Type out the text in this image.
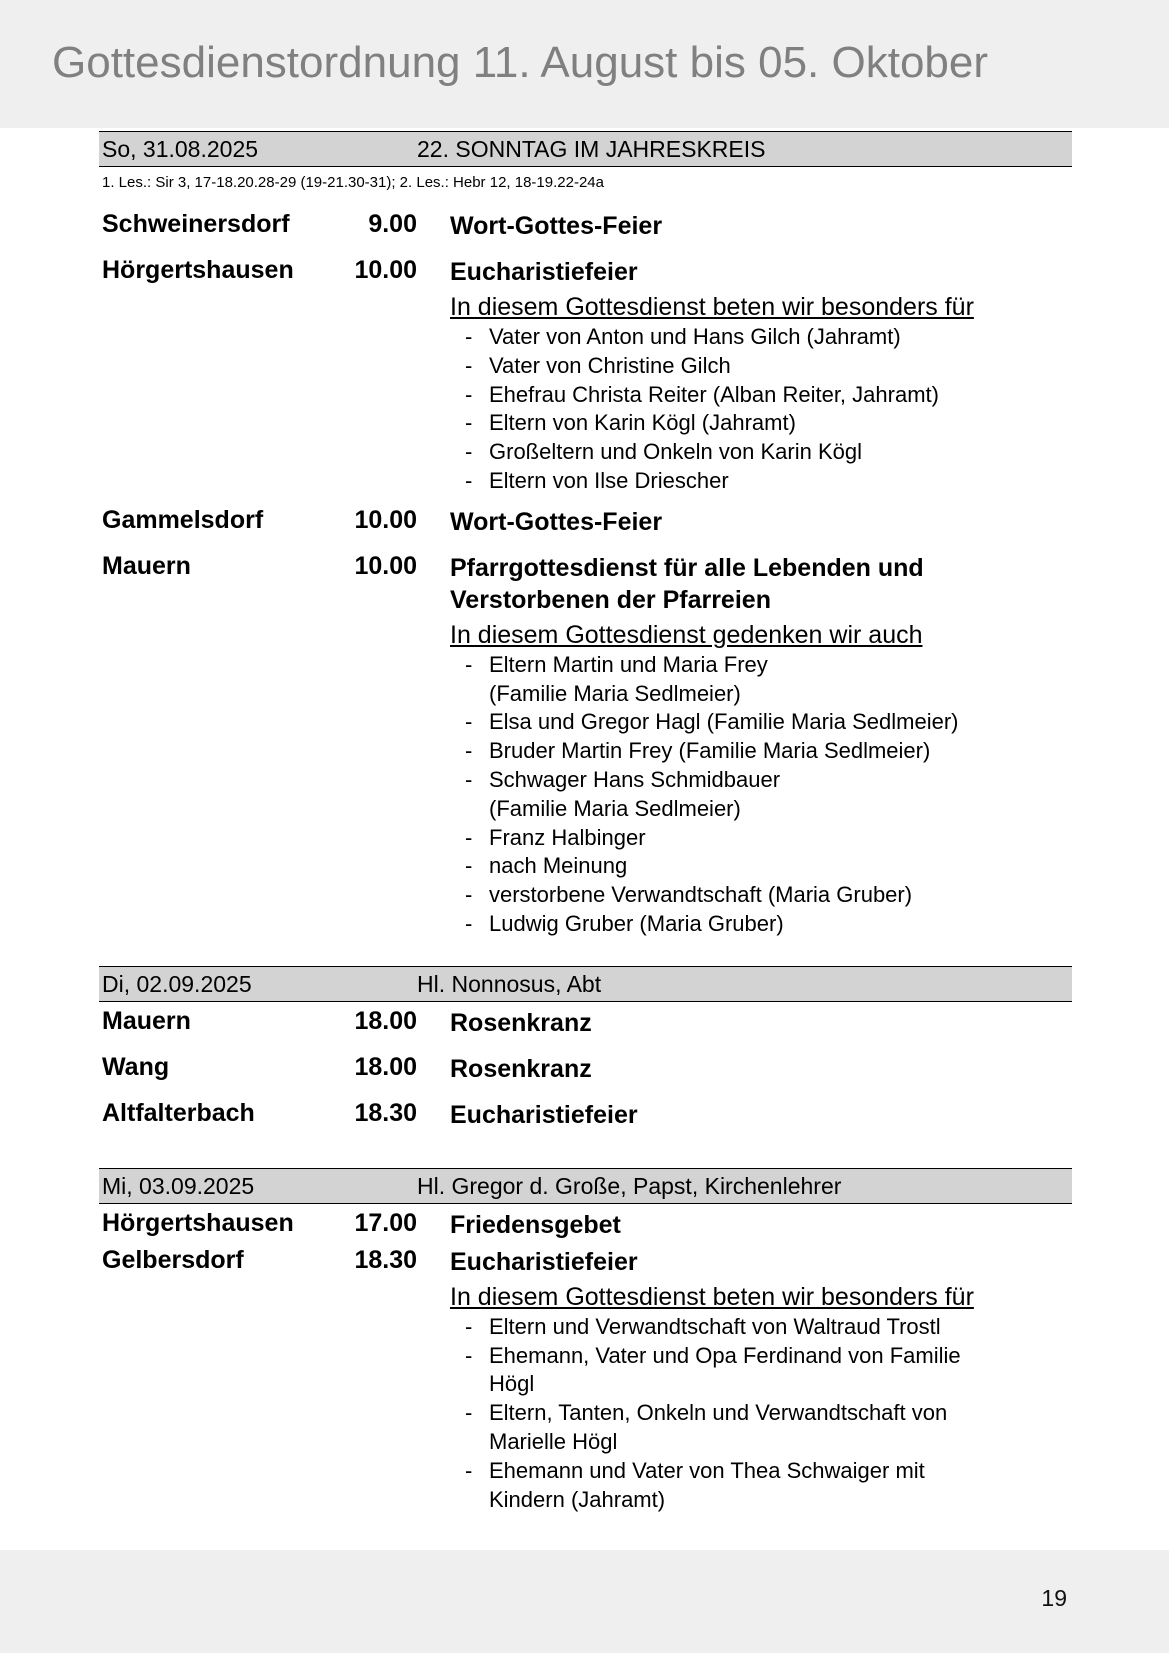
Gottesdienstordnung 11. August bis 05. Oktober
So, 31.08.2025	22. SONNTAG IM JAHRESKREIS
1. Les.: Sir 3, 17-18.20.28-29 (19-21.30-31); 2. Les.: Hebr 12, 18-19.22-24a
Schweinersdorf	9.00 Wort-Gottes-Feier
Hörgertshausen	10.00 Eucharistiefeier
In diesem Gottesdienst beten wir besonders für
- Vater von Anton und Hans Gilch (Jahramt)
- Vater von Christine Gilch
- Ehefrau Christa Reiter (Alban Reiter, Jahramt)
- Eltern von Karin Kögl (Jahramt)
- Großeltern und Onkeln von Karin Kögl
- Eltern von Ilse Driescher
Gammelsdorf	10.00 Wort-Gottes-Feier
Mauern	10.00 Pfarrgottesdienst für alle Lebenden und
Verstorbenen der Pfarreien
In diesem Gottesdienst gedenken wir auch
- Eltern Martin und Maria Frey
(Familie Maria Sedlmeier)
- Elsa und Gregor Hagl (Familie Maria Sedlmeier)
- Bruder Martin Frey (Familie Maria Sedlmeier)
- Schwager Hans Schmidbauer
(Familie Maria Sedlmeier)
- Franz Halbinger
- nach Meinung
- verstorbene Verwandtschaft (Maria Gruber)
- Ludwig Gruber (Maria Gruber)
Di, 02.09.2025	Hl. Nonnosus, Abt
Mauern	18.00 Rosenkranz
Wang	18.00 Rosenkranz
Altfalterbach	18.30 Eucharistiefeier
Mi, 03.09.2025	Hl. Gregor d. Große, Papst, Kirchenlehrer
Hörgertshausen	17.00 Friedensgebet
Gelbersdorf	18.30 Eucharistiefeier
In diesem Gottesdienst beten wir besonders für
- Eltern und Verwandtschaft von Waltraud Trostl
- Ehemann, Vater und Opa Ferdinand von Familie
Högl
- Eltern, Tanten, Onkeln und Verwandtschaft von
Marielle Högl
- Ehemann und Vater von Thea Schwaiger mit
Kindern (Jahramt)
19
